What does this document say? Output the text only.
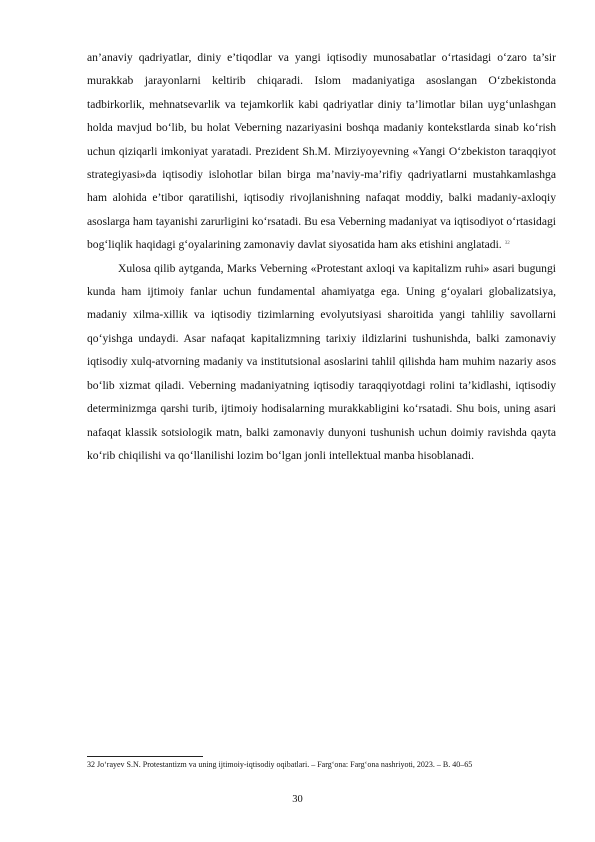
an’anaviy qadriyatlar, diniy e’tiqodlar va yangi iqtisodiy munosabatlar o‘rtasidagi o‘zaro ta’sir murakkab jarayonlarni keltirib chiqaradi. Islom madaniyatiga asoslangan O‘zbekistonda tadbirkorlik, mehnatsevarlik va tejamkorlik kabi qadriyatlar diniy ta’limotlar bilan uyg‘unlashgan holda mavjud bo‘lib, bu holat Veberning nazariyasini boshqa madaniy kontekstlarda sinab ko‘rish uchun qiziqarli imkoniyat yaratadi. Prezident Sh.M. Mirziyoyevning «Yangi O‘zbekiston taraqqiyot strategiyasi»da iqtisodiy islohotlar bilan birga ma’naviy-ma’rifiy qadriyatlarni mustahkamlashga ham alohida e’tibor qaratilishi, iqtisodiy rivojlanishning nafaqat moddiy, balki madaniy-axloqiy asoslarga ham tayanishi zarurligini ko‘rsatadi. Bu esa Veberning madaniyat va iqtisodiyot o‘rtasidagi bog‘liqlik haqidagi g‘oyalarining zamonaviy davlat siyosatida ham aks etishini anglatadi. $^{32}$

Xulosa qilib aytganda, Marks Veberning «Protestant axloqi va kapitalizm ruhi» asari bugungi kunda ham ijtimoiy fanlar uchun fundamental ahamiyatga ega. Uning g‘oyalari globalizatsiya, madaniy xilma-xillik va iqtisodiy tizimlarning evolyutsiyasi sharoitida yangi tahliliy savollarni qo‘yishga undaydi. Asar nafaqat kapitalizmning tarixiy ildizlarini tushunishda, balki zamonaviy iqtisodiy xulq-atvorning madaniy va institutsional asoslarini tahlil qilishda ham muhim nazariy asos bo‘lib xizmat qiladi. Veberning madaniyatning iqtisodiy taraqqiyotdagi rolini ta’kidlashi, iqtisodiy determinizmga qarshi turib, ijtimoiy hodisalarning murakkabligini ko‘rsatadi. Shu bois, uning asari nafaqat klassik sotsiologik matn, balki zamonaviy dunyoni tushunish uchun doimiy ravishda qayta ko‘rib chiqilishi va qo‘llanilishi lozim bo‘lgan jonli intellektual manba hisoblanadi.

32 Jo‘rayev S.N. Protestantizm va uning ijtimoiy-iqtisodiy oqibatlari. – Farg‘ona: Farg‘ona nashriyoti, 2023. – B. 40–65

30
